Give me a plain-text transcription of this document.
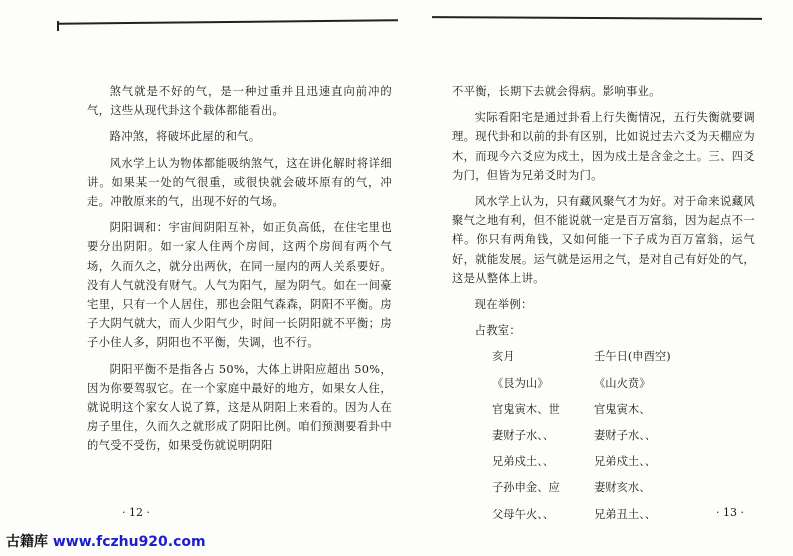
煞气就是不好的气，是一种过重并且迅速直向前冲的气，这些从现代卦这个载体都能看出。

路冲煞，将破坏此屋的和气。

风水学上认为物体都能吸纳煞气，这在讲化解时将详细讲。如果某一处的气很重，或很快就会破坏原有的气，冲走。冲散原来的气，出现不好的气场。

阴阳调和：宇宙间阴阳互补，如正负高低，在住宅里也要分出阴阳。如一家人住两个房间，这两个房间有两个气场，久而久之，就分出两伙，在同一屋内的两人关系要好。没有人气就没有财气。人气为阳气，屋为阴气。如在一间豪宅里，只有一个人居住，那也会阻气森森，阴阳不平衡。房子大阴气就大，而人少阳气少，时间一长阴阳就不平衡；房子小住人多，阴阳也不平衡，失调，也不行。

阴阳平衡不是指各占 50%，大体上讲阳应超出 50%，因为你要驾驭它。在一个家庭中最好的地方，如果女人住，就说明这个家女人说了算，这是从阴阳上来看的。因为人在房子里住，久而久之就形成了阴阳比例。咱们预测要看卦中的气受不受伤，如果受伤就说明阴阳

· 12 ·

不平衡，长期下去就会得病。影响事业。

实际看阳宅是通过卦看上行失衡情况，五行失衡就要调理。现代卦和以前的卦有区别，比如说过去六爻为天棚应为木，而现今六爻应为戍土，因为戍土是含金之土。三、四爻为门，但皆为兄弟爻时为门。

风水学上认为，只有藏风聚气才为好。对于命来说藏风聚气之地有利，但不能说就一定是百万富翁，因为起点不一样。你只有两角钱，又如何能一下子成为百万富翁，运气好，就能发展。运气就是运用之气，是对自己有好处的气，这是从整体上讲。

现在举例：

占教室：

亥月	壬午日(申酉空)
《艮为山》	《山火贲》
官鬼寅木、世	官鬼寅木、
妻财子水、、	妻财子水、、
兄弟戍土、、	兄弟戍土、、
子孙申金、应	妻财亥水、
父母午火、、	兄弟丑土、、	· 13 ·
古籍库 www.fczhu920.com
